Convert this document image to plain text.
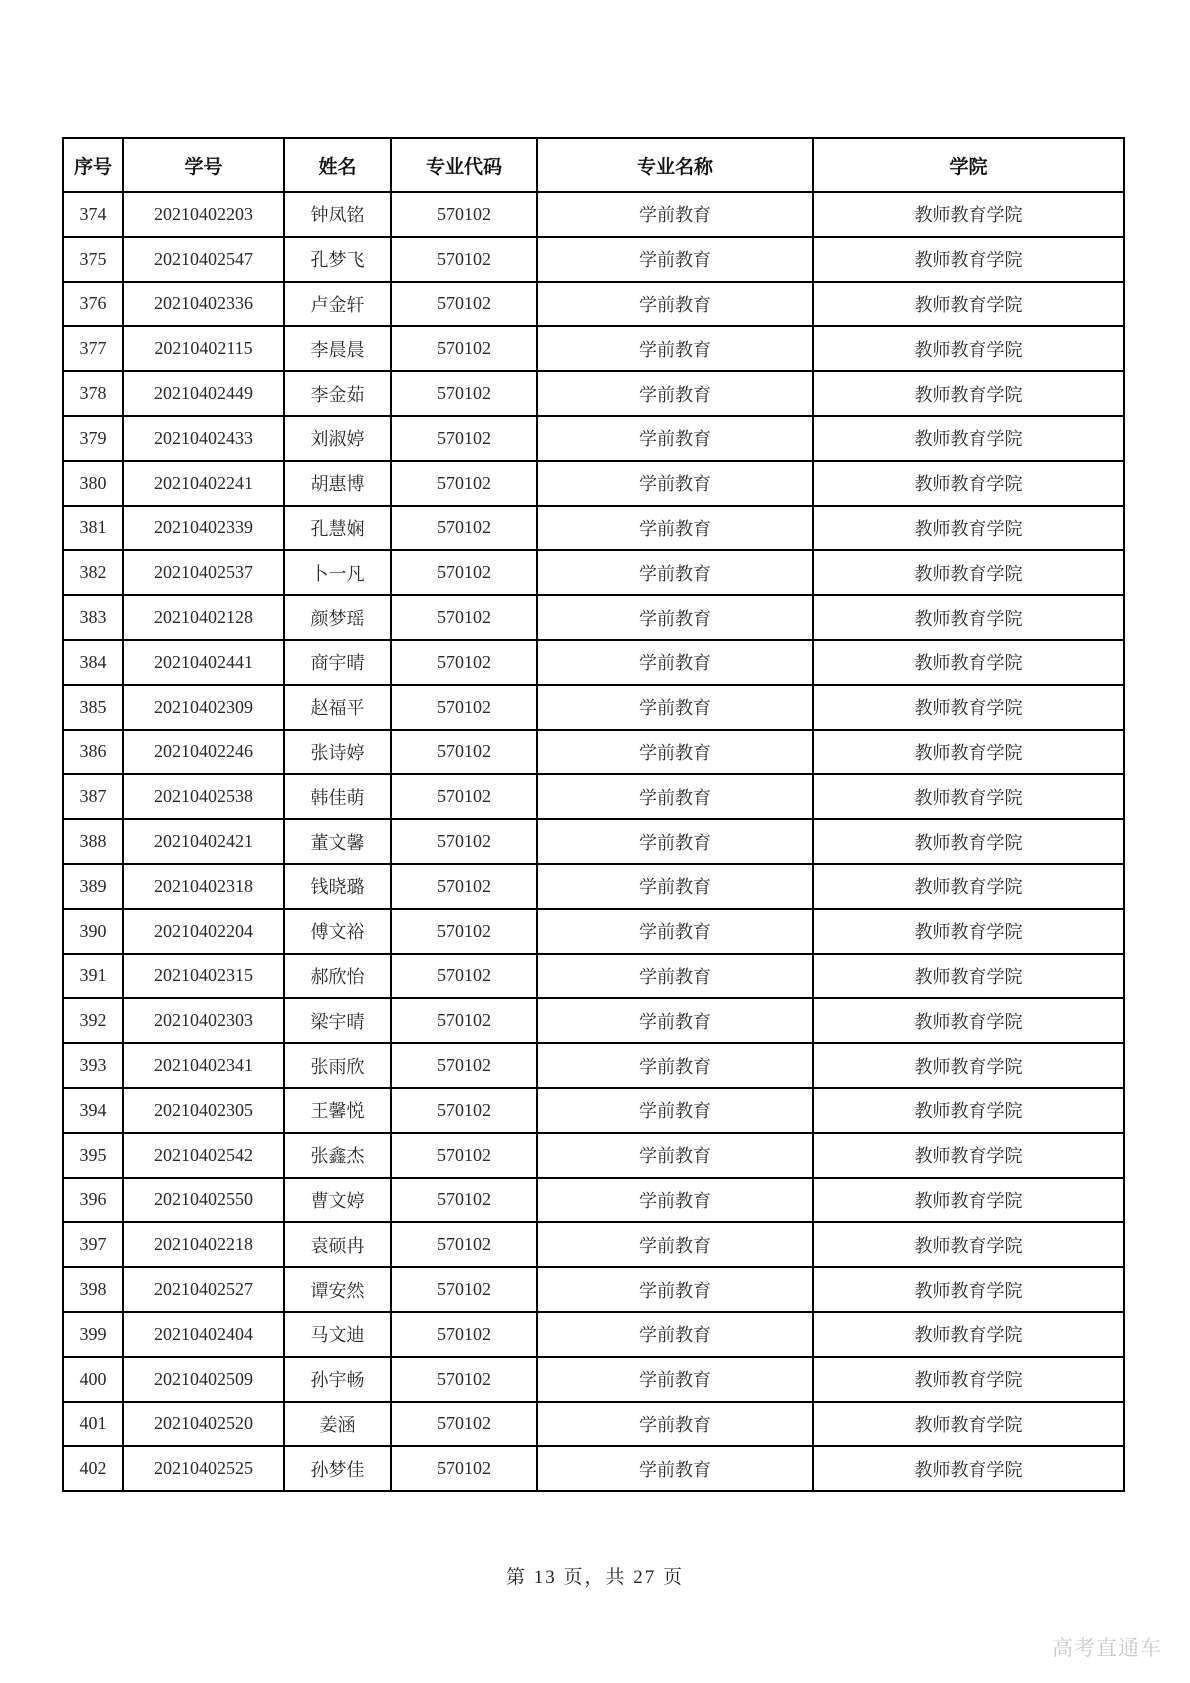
序号	学号	姓名	专业代码	专业名称	学院
374	20210402203	钟凤铭	570102	学前教育	教师教育学院
375	20210402547	孔梦飞	570102	学前教育	教师教育学院
376	20210402336	卢金轩	570102	学前教育	教师教育学院
377	20210402115	李晨晨	570102	学前教育	教师教育学院
378	20210402449	李金茹	570102	学前教育	教师教育学院
379	20210402433	刘淑婷	570102	学前教育	教师教育学院
380	20210402241	胡惠博	570102	学前教育	教师教育学院
381	20210402339	孔慧娴	570102	学前教育	教师教育学院
382	20210402537	卜一凡	570102	学前教育	教师教育学院
383	20210402128	颜梦瑶	570102	学前教育	教师教育学院
384	20210402441	商宇晴	570102	学前教育	教师教育学院
385	20210402309	赵福平	570102	学前教育	教师教育学院
386	20210402246	张诗婷	570102	学前教育	教师教育学院
387	20210402538	韩佳萌	570102	学前教育	教师教育学院
388	20210402421	董文馨	570102	学前教育	教师教育学院
389	20210402318	钱晓璐	570102	学前教育	教师教育学院
390	20210402204	傅文裕	570102	学前教育	教师教育学院
391	20210402315	郝欣怡	570102	学前教育	教师教育学院
392	20210402303	梁宇晴	570102	学前教育	教师教育学院
393	20210402341	张雨欣	570102	学前教育	教师教育学院
394	20210402305	王馨悦	570102	学前教育	教师教育学院
395	20210402542	张鑫杰	570102	学前教育	教师教育学院
396	20210402550	曹文婷	570102	学前教育	教师教育学院
397	20210402218	袁硕冉	570102	学前教育	教师教育学院
398	20210402527	谭安然	570102	学前教育	教师教育学院
399	20210402404	马文迪	570102	学前教育	教师教育学院
400	20210402509	孙宇畅	570102	学前教育	教师教育学院
401	20210402520	姜涵	570102	学前教育	教师教育学院
402	20210402525	孙梦佳	570102	学前教育	教师教育学院
第 13 页，共 27 页
高考直通车
